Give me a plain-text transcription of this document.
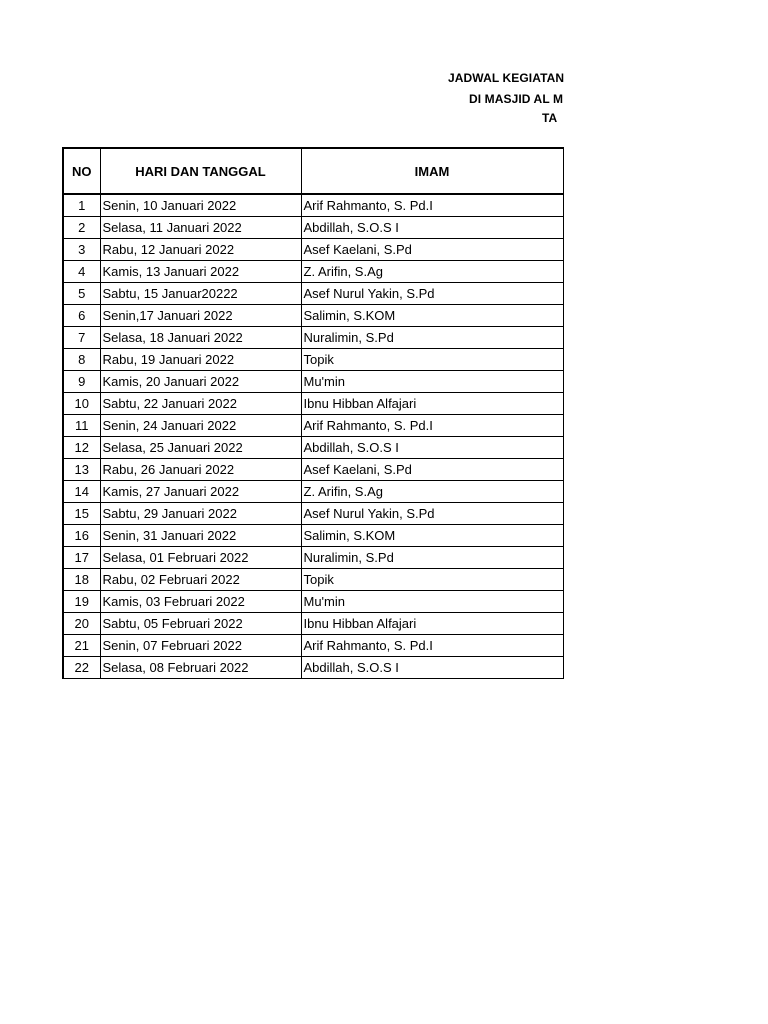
JADWAL KEGIATAN
DI MASJID AL M
TA
NO	HARI DAN TANGGAL	IMAM
1	Senin, 10 Januari 2022	Arif Rahmanto, S. Pd.I
2	Selasa, 11 Januari 2022	Abdillah, S.O.S I
3	Rabu, 12 Januari 2022	Asef Kaelani, S.Pd
4	Kamis, 13 Januari 2022	Z. Arifin, S.Ag
5	Sabtu, 15 Januar20222	Asef Nurul Yakin, S.Pd
6	Senin,17 Januari 2022	Salimin, S.KOM
7	Selasa, 18 Januari 2022	Nuralimin, S.Pd
8	Rabu, 19 Januari 2022	Topik
9	Kamis, 20 Januari 2022	Mu'min
10	Sabtu, 22 Januari 2022	Ibnu Hibban Alfajari
11	Senin, 24 Januari 2022	Arif Rahmanto, S. Pd.I
12	Selasa, 25 Januari 2022	Abdillah, S.O.S I
13	Rabu, 26 Januari 2022	Asef Kaelani, S.Pd
14	Kamis, 27 Januari 2022	Z. Arifin, S.Ag
15	Sabtu, 29 Januari 2022	Asef Nurul Yakin, S.Pd
16	Senin, 31 Januari 2022	Salimin, S.KOM
17	Selasa, 01 Februari 2022	Nuralimin, S.Pd
18	Rabu, 02 Februari 2022	Topik
19	Kamis, 03 Februari 2022	Mu'min
20	Sabtu, 05 Februari 2022	Ibnu Hibban Alfajari
21	Senin, 07 Februari 2022	Arif Rahmanto, S. Pd.I
22	Selasa, 08 Februari 2022	Abdillah, S.O.S I
